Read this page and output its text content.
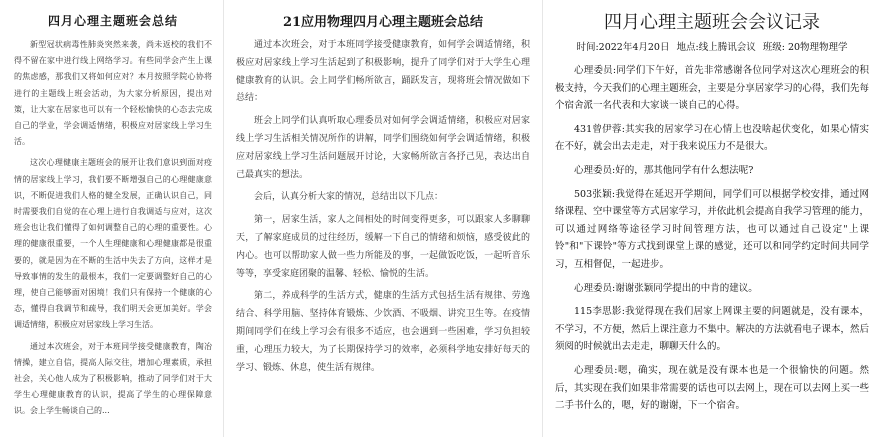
四月心理主题班会总结

新型冠状病毒性肺炎突然来袭，尚未返校的我们不得不留在家中进行线上网络学习。有些同学会产生上课的焦虑感，那我们又将如何应对？本月按照学院心协将进行的主题线上班会活动，为大家分析原因，提出对策，让大家在居家也可以有一个轻松愉快的心态去完成自己的学业，学会调适情绪，积极应对居家线上学习生活。

这次心理健康主题班会的展开让我们意识到面对疫情的居家线上学习，我们要不断增强自己的心理健康意识，不断促进我们人格的健全发展，正确认识自己，同时需要我们自觉的在心理上进行自我调适与应对，这次班会也让我们懂得了如何调整自己的心理的重要性。心理的健康很重要，一个人生理健康和心理健康都是很重要的，就是因为在不断的生活中失去了方向，这样才是导致事情的发生的最根本，我们一定要调整好自己的心理，使自己能够面对困境！我们只有保持一个健康的心态，懂得自我调节和疏导，我们明天会更加美好。学会调适情绪，积极应对居家线上学习生活。

通过本次班会，对于本班同学接受健康教育，陶冶情操，建立自信，提高人际交往，增加心理素质，承担社会，关心他人成为了积极影响，推动了同学们对于大学生心理健康教育的认识，提高了学生的心理保障意识。会上学生畅谈自己的...

21应用物理四月心理主题班会总结

通过本次班会，对于本班同学接受健康教育，如何学会调适情绪，积极应对居家线上学习生活起到了积极影响，提升了同学们对于大学生心理健康教育的认识。会上同学们畅所欲言，踊跃发言，现将班会情况做如下总结：

班会上同学们认真听取心理委员对如何学会调适情绪，积极应对居家线上学习生活相关情况所作的讲解，同学们围绕如何学会调适情绪，积极应对居家线上学习生活问题展开讨论，大家畅所欲言各抒己见，表达出自己最真实的想法。

会后，认真分析大家的情况，总结出以下几点：

第一，居家生活，家人之间相处的时间变得更多，可以跟家人多聊聊天，了解家庭成员的过往经历，缓解一下自己的情绪和烦恼，感受彼此的内心。也可以帮助家人做一些力所能及的事，一起做饭吃饭，一起听音乐等等，享受家庭团聚的温馨、轻松、愉悦的生活。

第二，养成科学的生活方式，健康的生活方式包括生活有规律、劳逸结合、科学用脑、坚持体育锻炼、少饮酒、不吸烟、讲究卫生等。在疫情期间同学们在线上学习会有很多不适应，也会遇到一些困难，学习负担较重，心理压力较大，为了长期保持学习的效率，必须科学地安排好每天的学习、锻炼、休息，使生活有规律。

四月心理主题班会会议记录
时间:2022年4月20日 地点:线上腾讯会议 班级: 20物理物理学

心理委员:同学们下午好，首先非常感谢各位同学对这次心理班会的积极支持，今天我们的心理主题班会，主要是分享居家学习的心得，我们先每个宿舍派一名代表和大家谈一谈自己的心得。

431曾伊蓉:其实我的居家学习在心情上也没啥起伏变化，如果心情实在不好，就会出去走走，对于我来说压力不是很大。

心理委员:好的，那其他同学有什么想法呢?

503张颖:我觉得在延迟开学期间，同学们可以根据学校安排，通过网络课程、空中课堂等方式居家学习，并依此机会提高自我学习管理的能力，可以通过网络等途径学习时间管理方法，也可以通过自己设定"上课铃"和"下课铃"等方式找到课堂上课的感觉，还可以和同学约定时间共同学习，互相督促，一起进步。

心理委员:谢谢张颖同学提出的中肯的建议。

115李思影:我觉得现在我们居家上网课主要的问题就是，没有课本，不学习，不方便，然后上课注意力不集中。解决的方法就看电子课本，然后须阅的时候就出去走走，聊聊天什么的。

心理委员:嗯，确实，现在就是没有课本也是一个很愉快的问题。然后，其实现在我们如果非常需要的话也可以去网上，现在可以去网上买一些二手书什么的，嗯，好的谢谢，下一个宿舍。
